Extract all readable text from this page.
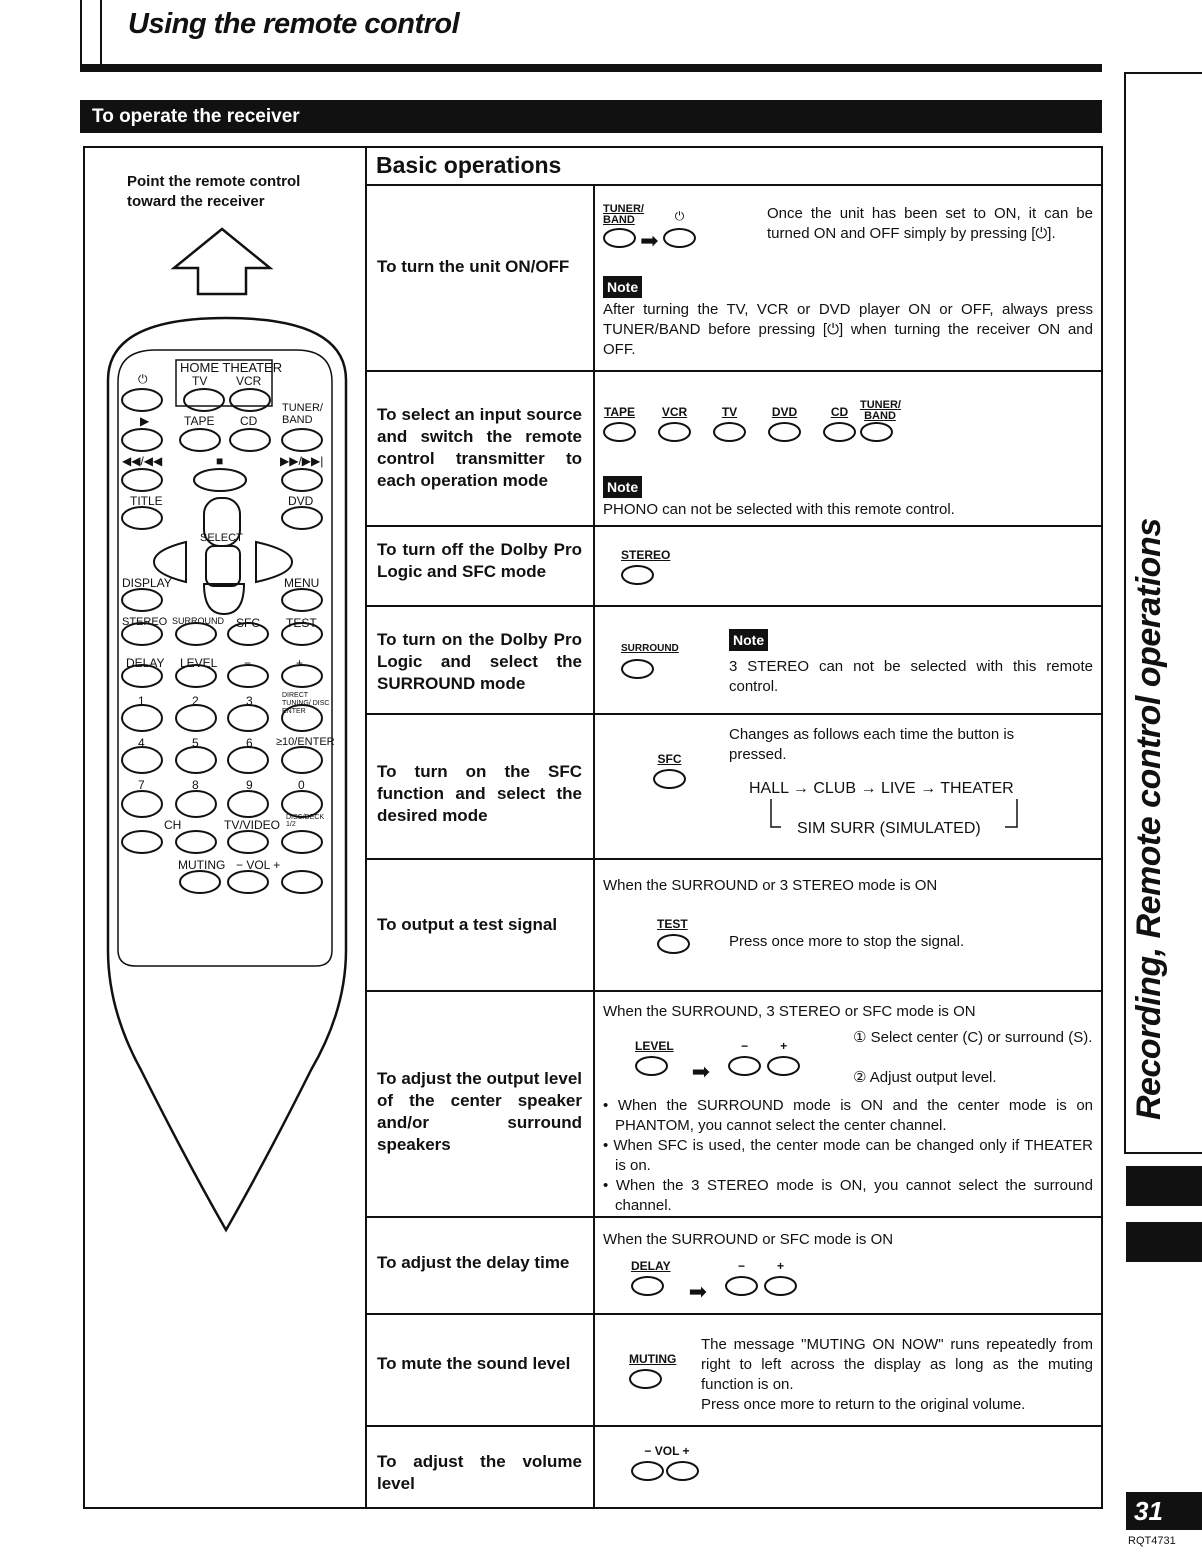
Using the remote control
To operate the receiver
Point the remote control toward the receiver
HOME THEATER
TV VCR
⏻
▶	TAPE CD
TUNER/ BAND
◀◀/◀◀	■	▶▶/▶▶|
TITLE	DVD
SELECT
DISPLAY	MENU
STEREO SURROUND SFC TEST
DELAY LEVEL −	+
1	2	3	DIRECT TUNING/ DISC ENTER
4	5	6 ≥10/ENTER
7	8	9	0
CH	TV/VIDEO
DISC/DECK 1/2
MUTING − VOL +
Basic operations
To turn the unit ON/OFF
TUNER/ BAND
➡
⏻	Once the unit has been set to ON, it can be turned ON and OFF simply by pressing [⏻].
Note
After turning the TV, VCR or DVD player ON or OFF, always press TUNER/BAND before pressing [⏻] when turning the receiver ON and OFF.
To select an input source and switch the remote control transmitter to each operation mode
TAPE	VCR	TV	DVD	CD	TUNER/ BAND
Note
PHONO can not be selected with this remote control.
To turn off the Dolby Pro Logic and SFC mode
STEREO
To turn on the Dolby Pro Logic and select the SURROUND mode
SURROUND
Note
3 STEREO can not be selected with this remote control.
To turn on the SFC function and select the desired mode
SFC
Changes as follows each time the button is pressed.
HALL → CLUB → LIVE → THEATER
SIM SURR (SIMULATED)
To output a test signal
When the SURROUND or 3 STEREO mode is ON
TEST
Press once more to stop the signal.
To adjust the output level of the center speaker and/or surround speakers
When the SURROUND, 3 STEREO or SFC mode is ON
LEVEL
➡
−	+	① Select center (C) or surround (S).
② Adjust output level.
• When the SURROUND mode is ON and the center mode is on PHANTOM, you cannot select the center channel.
• When SFC is used, the center mode can be changed only if THEATER is on.
• When the 3 STEREO mode is ON, you cannot select the surround channel.
To adjust the delay time
When the SURROUND or SFC mode is ON
DELAY
➡
−	+
To mute the sound level	MUTING
The message "MUTING ON NOW" runs repeatedly from right to left across the display as long as the muting function is on.
Press once more to return to the original volume.
To adjust the volume level
− VOL +
Recording, Remote control operations
31
RQT4731
